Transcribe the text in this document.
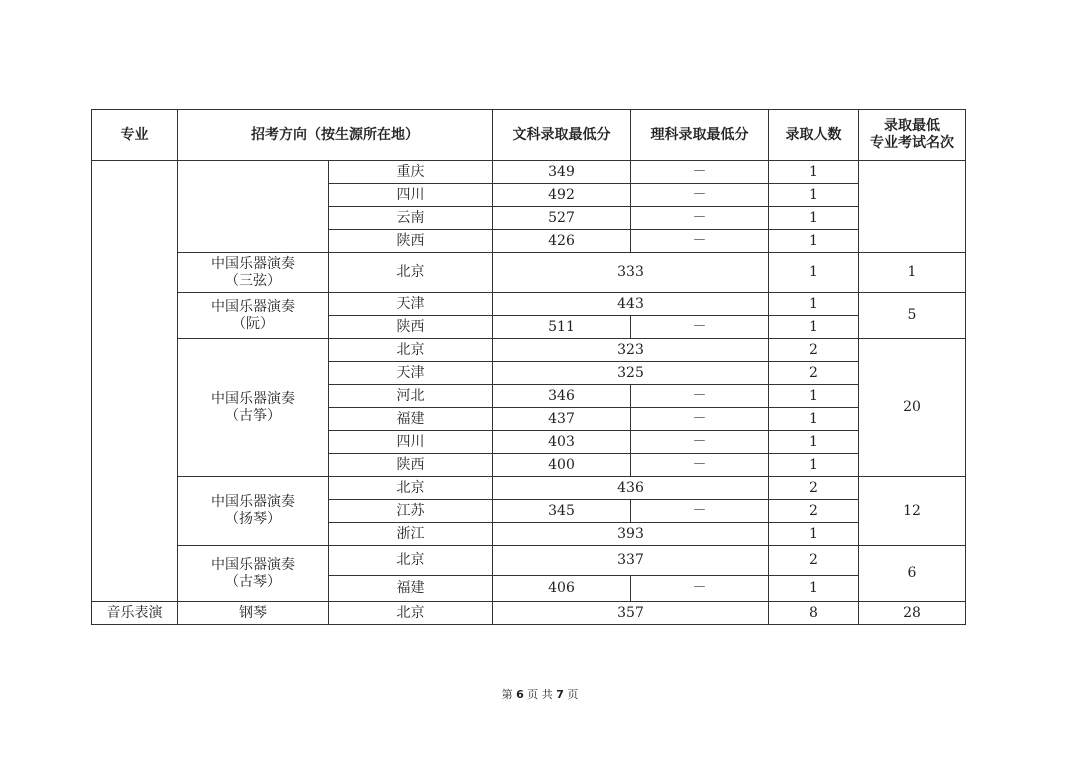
专业	招考方向（按生源所在地）		文科录取最低分	理科录取最低分	录取人数	录取最低
专业考试名次

		重庆	349	－	1	
		四川	492	－	1	
		云南	527	－	1	
		陕西	426	－	1	

	中国乐器演奏
（三弦）	北京	333		1	1

	中国乐器演奏
（阮）	天津	443		1	5
		陕西	511	－	1	

	中国乐器演奏
（古筝）	北京	323		2	20
		天津	325		2	
		河北	346	－	1	
		福建	437	－	1	
		四川	403	－	1	
		陕西	400	－	1	

	中国乐器演奏
（扬琴）	北京	436		2	12
		江苏	345	－	2	
		浙江	393		1	

	中国乐器演奏
（古琴）	北京	337		2	6
		福建	406	－	1	
音乐表演	钢琴	北京	357		8	28
第 6 页 共 7 页
